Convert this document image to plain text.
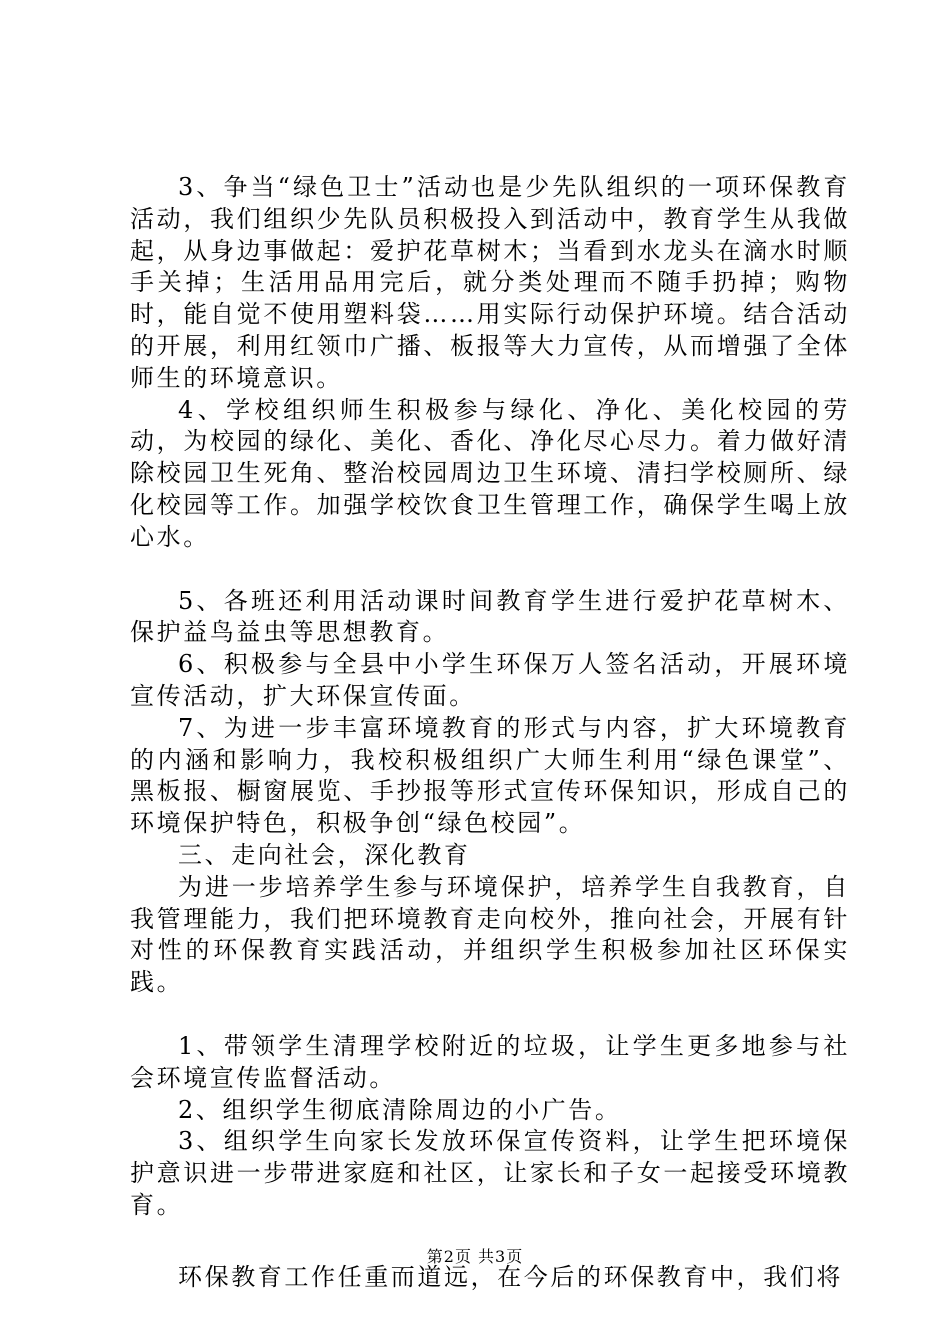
3、争当“绿色卫士”活动也是少先队组织的一项环保教育活动，我们组织少先队员积极投入到活动中，教育学生从我做起，从身边事做起：爱护花草树木；当看到水龙头在滴水时顺手关掉；生活用品用完后，就分类处理而不随手扔掉；购物时，能自觉不使用塑料袋……用实际行动保护环境。结合活动的开展，利用红领巾广播、板报等大力宣传，从而增强了全体师生的环境意识。

4、学校组织师生积极参与绿化、净化、美化校园的劳动，为校园的绿化、美化、香化、净化尽心尽力。着力做好清除校园卫生死角、整治校园周边卫生环境、清扫学校厕所、绿化校园等工作。加强学校饮食卫生管理工作，确保学生喝上放心水。

5、各班还利用活动课时间教育学生进行爱护花草树木、保护益鸟益虫等思想教育。

6、积极参与全县中小学生环保万人签名活动，开展环境宣传活动，扩大环保宣传面。

7、为进一步丰富环境教育的形式与内容，扩大环境教育的内涵和影响力，我校积极组织广大师生利用“绿色课堂”、黑板报、橱窗展览、手抄报等形式宣传环保知识，形成自己的环境保护特色，积极争创“绿色校园”。

三、走向社会，深化教育

为进一步培养学生参与环境保护，培养学生自我教育，自我管理能力，我们把环境教育走向校外，推向社会，开展有针对性的环保教育实践活动，并组织学生积极参加社区环保实践。

1、带领学生清理学校附近的垃圾，让学生更多地参与社会环境宣传监督活动。

2、组织学生彻底清除周边的小广告。

3、组织学生向家长发放环保宣传资料，让学生把环境保护意识进一步带进家庭和社区，让家长和子女一起接受环境教育。

环保教育工作任重而道远，在今后的环保教育中，我们将

第2页 共3页
